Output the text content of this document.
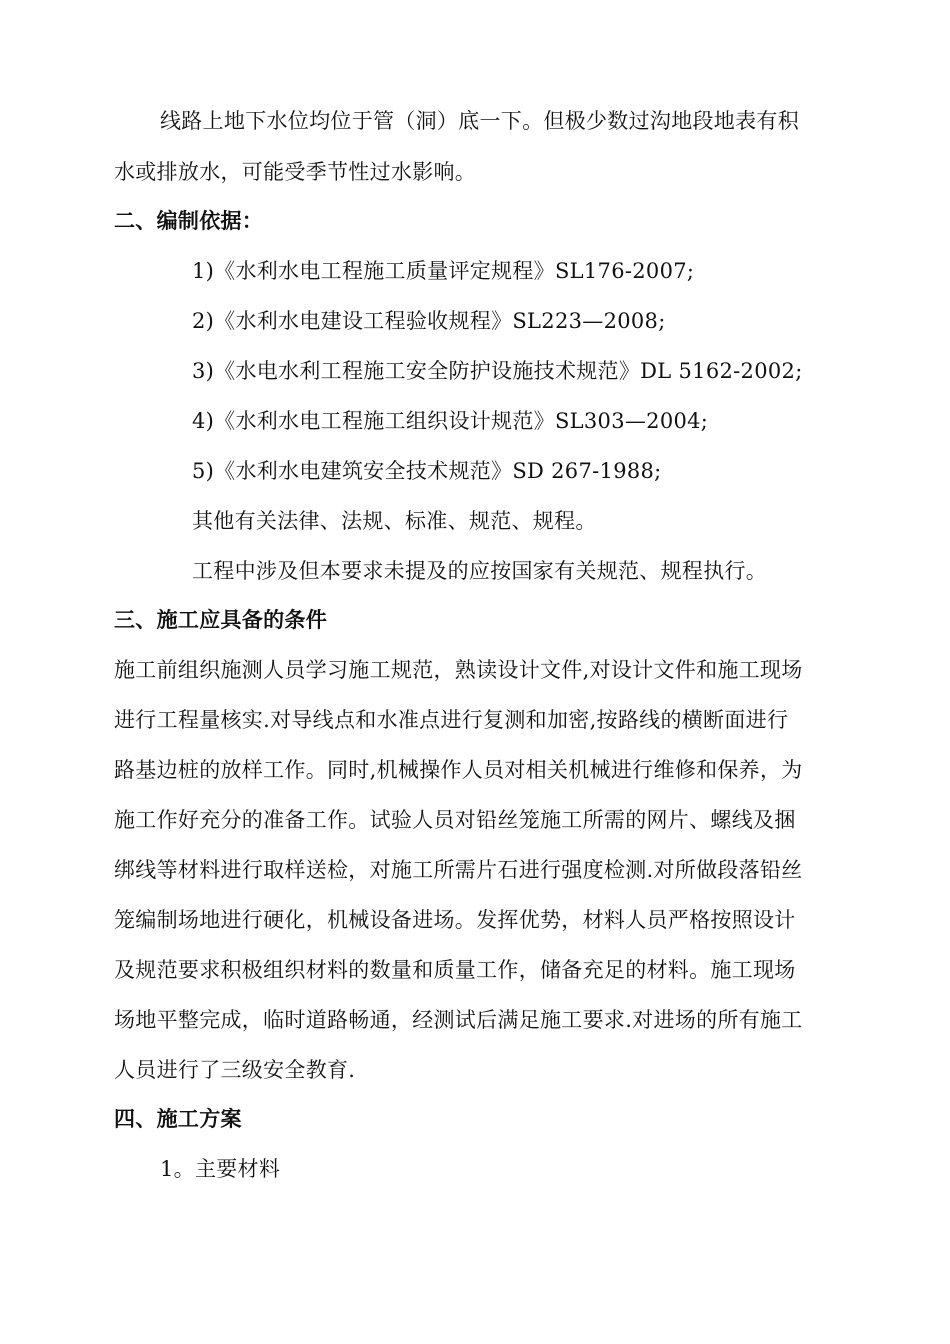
线路上地下水位均位于管（洞）底一下。但极少数过沟地段地表有积
水或排放水，可能受季节性过水影响。
二、编制依据：
1)《水利水电工程施工质量评定规程》SL176-2007;
2)《水利水电建设工程验收规程》SL223—2008;
3)《水电水利工程施工安全防护设施技术规范》DL 5162-2002;
4)《水利水电工程施工组织设计规范》SL303—2004;
5)《水利水电建筑安全技术规范》SD 267-1988;
其他有关法律、法规、标准、规范、规程。
工程中涉及但本要求未提及的应按国家有关规范、规程执行。
三、施工应具备的条件
施工前组织施测人员学习施工规范，熟读设计文件,对设计文件和施工现场
进行工程量核实.对导线点和水准点进行复测和加密,按路线的横断面进行
路基边桩的放样工作。同时,机械操作人员对相关机械进行维修和保养，为
施工作好充分的准备工作。试验人员对铅丝笼施工所需的网片、螺线及捆
绑线等材料进行取样送检，对施工所需片石进行强度检测.对所做段落铅丝
笼编制场地进行硬化，机械设备进场。发挥优势，材料人员严格按照设计
及规范要求积极组织材料的数量和质量工作，储备充足的材料。施工现场
场地平整完成，临时道路畅通，经测试后满足施工要求.对进场的所有施工
人员进行了三级安全教育.
四、施工方案
1。主要材料
